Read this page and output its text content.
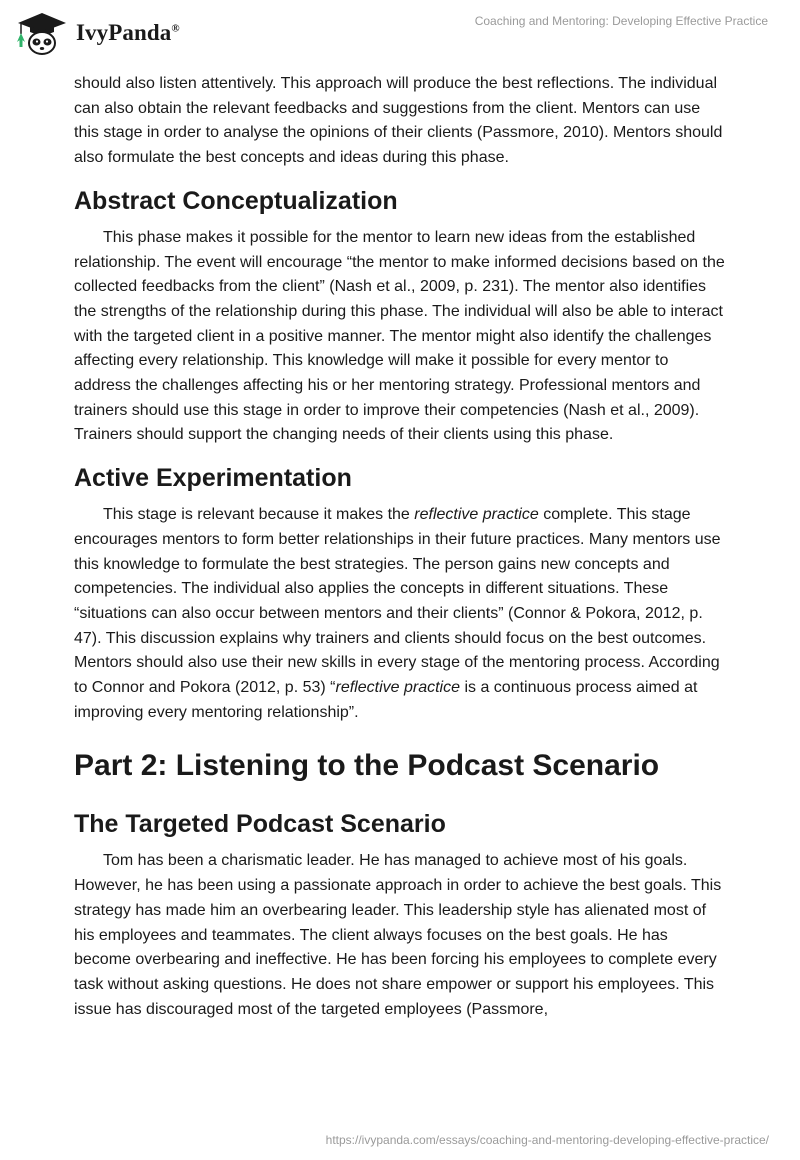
IvyPanda®
Coaching and Mentoring: Developing Effective Practice

should also listen attentively. This approach will produce the best reflections. The individual can also obtain the relevant feedbacks and suggestions from the client. Mentors can use this stage in order to analyse the opinions of their clients (Passmore, 2010). Mentors should also formulate the best concepts and ideas during this phase.

Abstract Conceptualization

This phase makes it possible for the mentor to learn new ideas from the established relationship. The event will encourage “the mentor to make informed decisions based on the collected feedbacks from the client” (Nash et al., 2009, p. 231). The mentor also identifies the strengths of the relationship during this phase. The individual will also be able to interact with the targeted client in a positive manner. The mentor might also identify the challenges affecting every relationship. This knowledge will make it possible for every mentor to address the challenges affecting his or her mentoring strategy. Professional mentors and trainers should use this stage in order to improve their competencies (Nash et al., 2009). Trainers should support the changing needs of their clients using this phase.

Active Experimentation

This stage is relevant because it makes the reflective practice complete. This stage encourages mentors to form better relationships in their future practices. Many mentors use this knowledge to formulate the best strategies. The person gains new concepts and competencies. The individual also applies the concepts in different situations. These “situations can also occur between mentors and their clients” (Connor & Pokora, 2012, p. 47). This discussion explains why trainers and clients should focus on the best outcomes. Mentors should also use their new skills in every stage of the mentoring process. According to Connor and Pokora (2012, p. 53) “reflective practice is a continuous process aimed at improving every mentoring relationship”.

Part 2: Listening to the Podcast Scenario
The Targeted Podcast Scenario

Tom has been a charismatic leader. He has managed to achieve most of his goals. However, he has been using a passionate approach in order to achieve the best goals. This strategy has made him an overbearing leader. This leadership style has alienated most of his employees and teammates. The client always focuses on the best goals. He has become overbearing and ineffective. He has been forcing his employees to complete every task without asking questions. He does not share empower or support his employees. This issue has discouraged most of the targeted employees (Passmore,

https://ivypanda.com/essays/coaching-and-mentoring-developing-effective-practice/
